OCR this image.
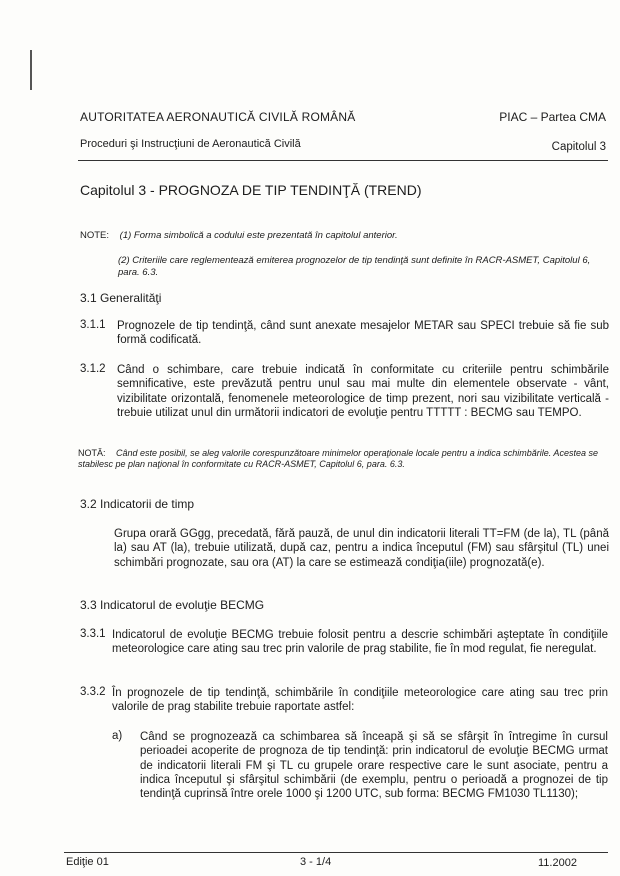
AUTORITATEA AERONAUTICĂ CIVILĂ ROMÂNĂ	PIAC – Partea CMA
Proceduri şi Instrucţiuni de Aeronautică Civilă	Capitolul 3
Capitolul 3 - PROGNOZA DE TIP TENDINŢĂ (TREND)
NOTE: (1) Forma simbolică a codului este prezentată în capitolul anterior.
(2) Criteriile care reglementează emiterea prognozelor de tip tendinţă sunt definite în RACR-ASMET, Capitolul 6, para. 6.3.
3.1 Generalităţi
3.1.1 Prognozele de tip tendinţă, când sunt anexate mesajelor METAR sau SPECI trebuie să fie sub formă codificată.
3.1.2 Când o schimbare, care trebuie indicată în conformitate cu criteriile pentru schimbările semnificative, este prevăzută pentru unul sau mai multe din elementele observate - vânt, vizibilitate orizontală, fenomenele meteorologice de timp prezent, nori sau vizibilitate verticală - trebuie utilizat unul din următorii indicatori de evoluţie pentru TTTTT : BECMG sau TEMPO.
NOTĂ: Când este posibil, se aleg valorile corespunzătoare minimelor operaţionale locale pentru a indica schimbările. Acestea se stabilesc pe plan naţional în conformitate cu RACR-ASMET, Capitolul 6, para. 6.3.
3.2 Indicatorii de timp
Grupa orară GGgg, precedată, fără pauză, de unul din indicatorii literali TT=FM (de la), TL (până la) sau AT (la), trebuie utilizată, după caz, pentru a indica începutul (FM) sau sfârşitul (TL) unei schimbări prognozate, sau ora (AT) la care se estimează condiţia(iile) prognozată(e).
3.3 Indicatorul de evoluţie BECMG
3.3.1 Indicatorul de evoluţie BECMG trebuie folosit pentru a descrie schimbări aşteptate în condiţiile meteorologice care ating sau trec prin valorile de prag stabilite, fie în mod regulat, fie neregulat.
3.3.2 În prognozele de tip tendinţă, schimbările în condiţiile meteorologice care ating sau trec prin valorile de prag stabilite trebuie raportate astfel:
a) Când se prognozează ca schimbarea să înceapă şi să se sfârşit în întregime în cursul perioadei acoperite de prognoza de tip tendinţă: prin indicatorul de evoluţie BECMG urmat de indicatorii literali FM şi TL cu grupele orare respective care le sunt asociate, pentru a indica începutul şi sfârşitul schimbării (de exemplu, pentru o perioadă a prognozei de tip tendinţă cuprinsă între orele 1000 şi 1200 UTC, sub forma: BECMG FM1030 TL1130);
Ediţie 01	3 - 1/4	11.2002
